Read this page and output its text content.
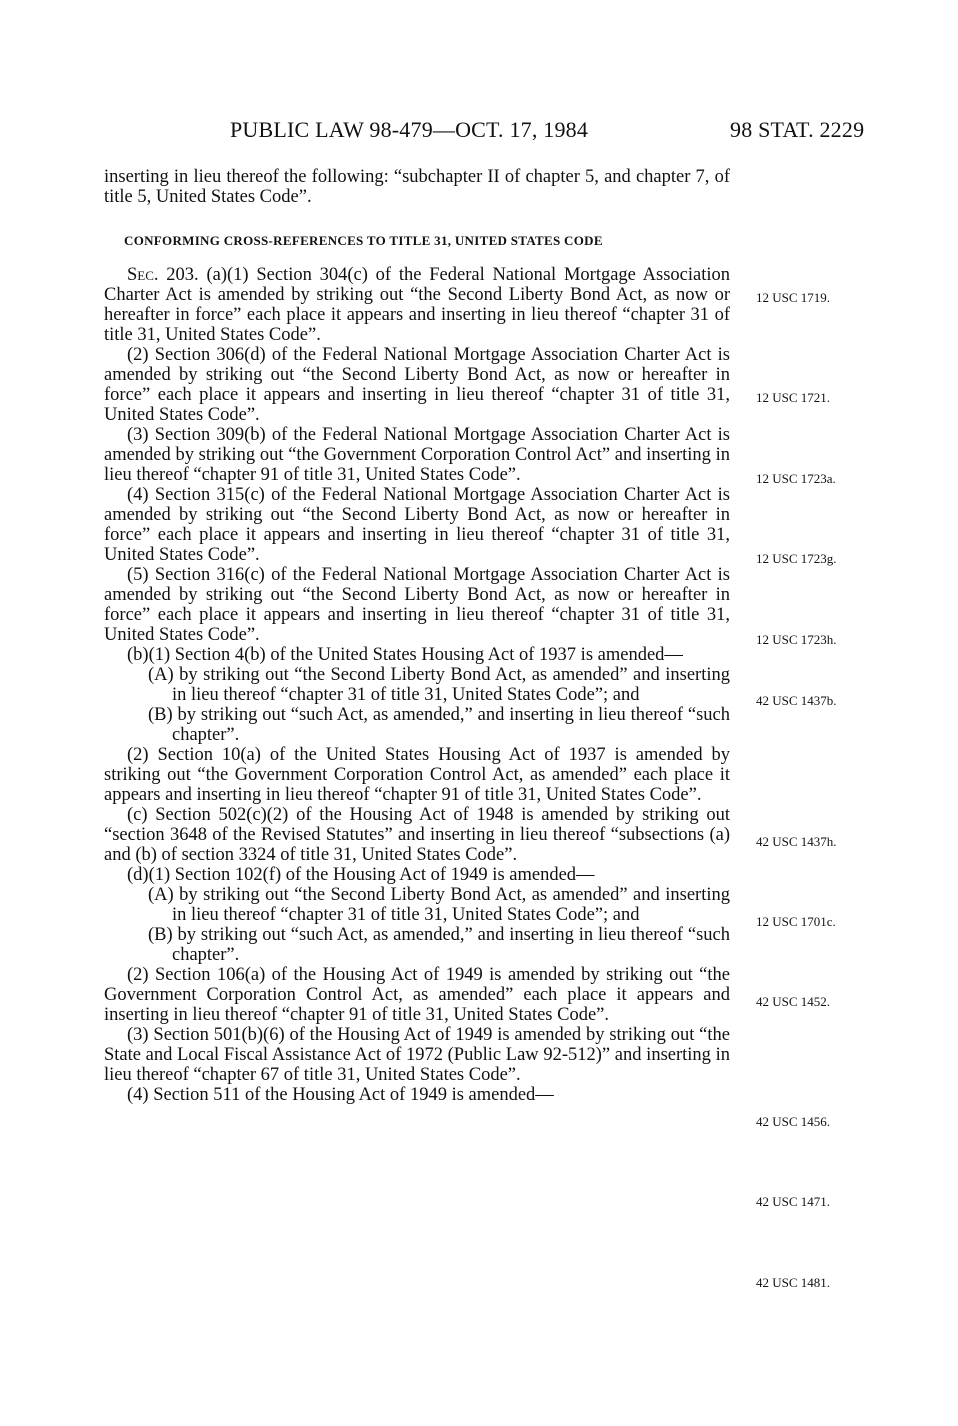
PUBLIC LAW 98-479—OCT. 17, 1984	98 STAT. 2229

inserting in lieu thereof the following: “subchapter II of chapter 5, and chapter 7, of title 5, United States Code”.

CONFORMING CROSS-REFERENCES TO TITLE 31, UNITED STATES CODE

Sec. 203. (a)(1) Section 304(c) of the Federal National Mortgage Association Charter Act is amended by striking out “the Second Liberty Bond Act, as now or hereafter in force” each place it appears and inserting in lieu thereof “chapter 31 of title 31, United States Code”.

(2) Section 306(d) of the Federal National Mortgage Association Charter Act is amended by striking out “the Second Liberty Bond Act, as now or hereafter in force” each place it appears and inserting in lieu thereof “chapter 31 of title 31, United States Code”.

(3) Section 309(b) of the Federal National Mortgage Association Charter Act is amended by striking out “the Government Corporation Control Act” and inserting in lieu thereof “chapter 91 of title 31, United States Code”.

(4) Section 315(c) of the Federal National Mortgage Association Charter Act is amended by striking out “the Second Liberty Bond Act, as now or hereafter in force” each place it appears and inserting in lieu thereof “chapter 31 of title 31, United States Code”.

(5) Section 316(c) of the Federal National Mortgage Association Charter Act is amended by striking out “the Second Liberty Bond Act, as now or hereafter in force” each place it appears and inserting in lieu thereof “chapter 31 of title 31, United States Code”.

(b)(1) Section 4(b) of the United States Housing Act of 1937 is amended—

(A) by striking out “the Second Liberty Bond Act, as amended” and inserting in lieu thereof “chapter 31 of title 31, United States Code”; and

(B) by striking out “such Act, as amended,” and inserting in lieu thereof “such chapter”.

(2) Section 10(a) of the United States Housing Act of 1937 is amended by striking out “the Government Corporation Control Act, as amended” each place it appears and inserting in lieu thereof “chapter 91 of title 31, United States Code”.

(c) Section 502(c)(2) of the Housing Act of 1948 is amended by striking out “section 3648 of the Revised Statutes” and inserting in lieu thereof “subsections (a) and (b) of section 3324 of title 31, United States Code”.

(d)(1) Section 102(f) of the Housing Act of 1949 is amended—

(A) by striking out “the Second Liberty Bond Act, as amended” and inserting in lieu thereof “chapter 31 of title 31, United States Code”; and

(B) by striking out “such Act, as amended,” and inserting in lieu thereof “such chapter”.

(2) Section 106(a) of the Housing Act of 1949 is amended by striking out “the Government Corporation Control Act, as amended” each place it appears and inserting in lieu thereof “chapter 91 of title 31, United States Code”.

(3) Section 501(b)(6) of the Housing Act of 1949 is amended by striking out “the State and Local Fiscal Assistance Act of 1972 (Public Law 92-512)” and inserting in lieu thereof “chapter 67 of title 31, United States Code”.

(4) Section 511 of the Housing Act of 1949 is amended—

12 USC 1719.
12 USC 1721.
12 USC 1723a.
12 USC 1723g.
12 USC 1723h.
42 USC 1437b.
42 USC 1437h.
12 USC 1701c.
42 USC 1452.
42 USC 1456.
42 USC 1471.
42 USC 1481.
